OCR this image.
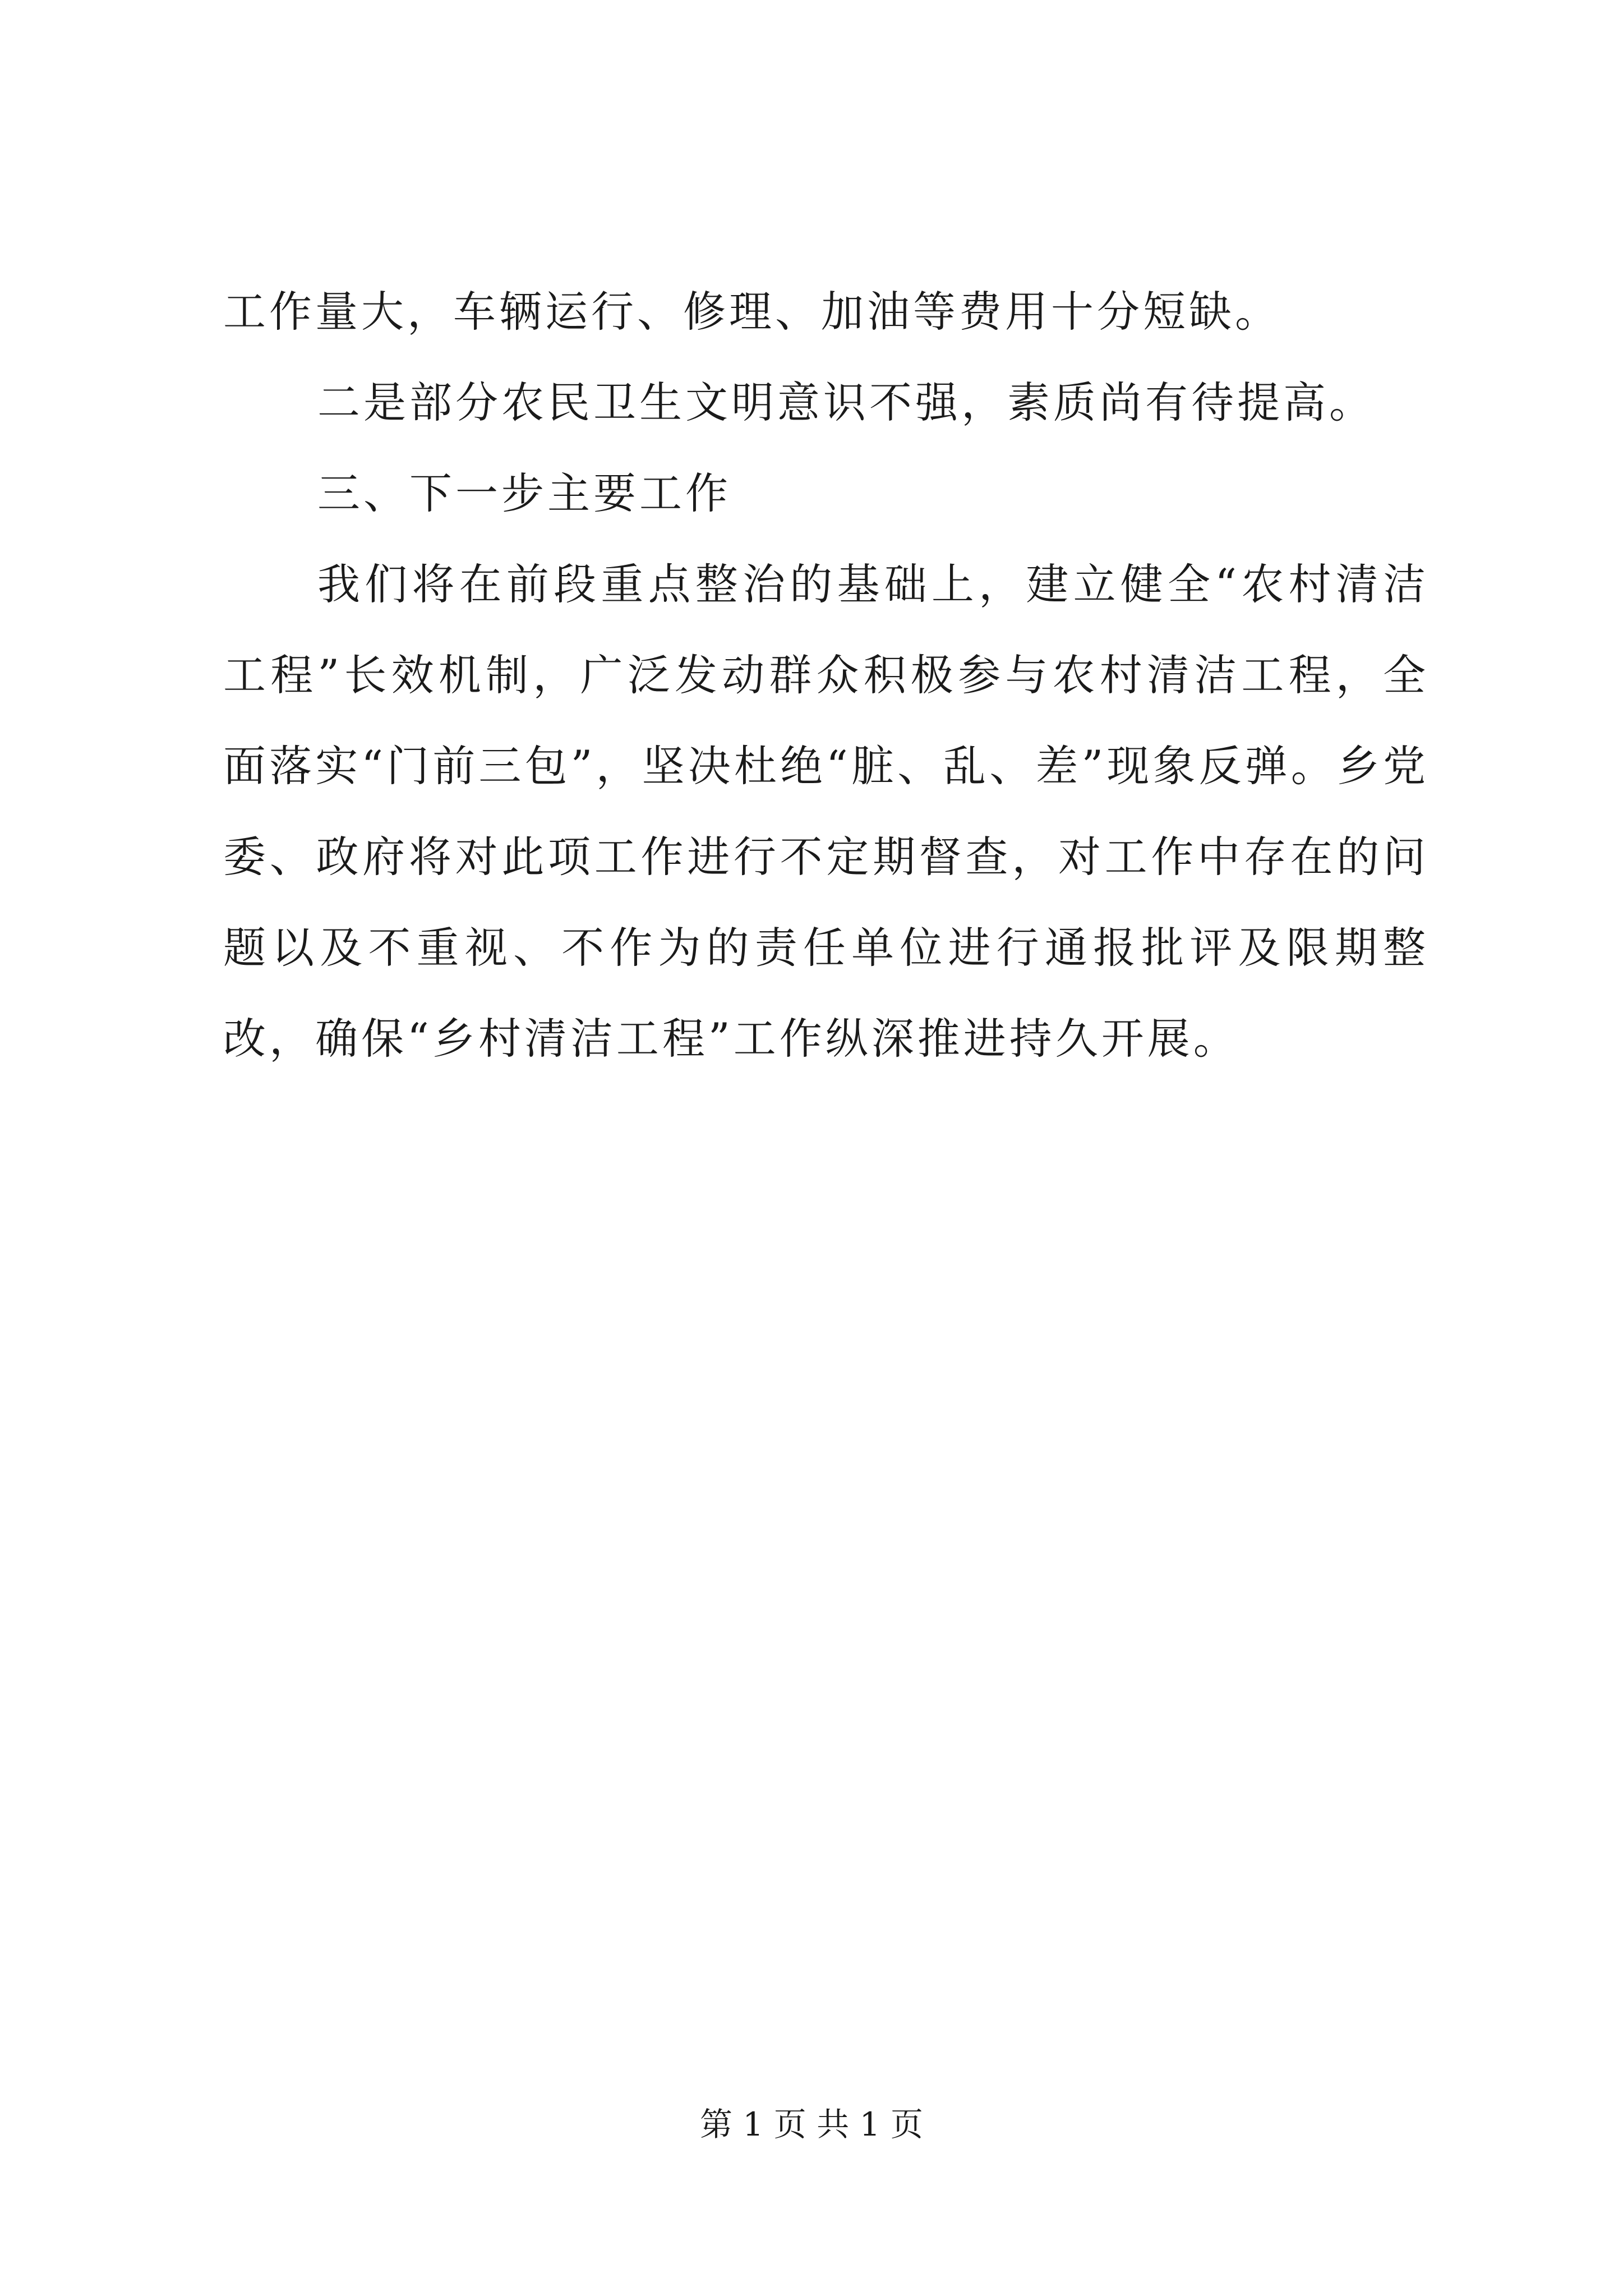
工作量大，车辆运行、修理、加油等费用十分短缺。

二是部分农民卫生文明意识不强，素质尚有待提高。

三、下一步主要工作

我们将在前段重点整治的基础上，建立健全“农村清洁工程”长效机制，广泛发动群众积极参与农村清洁工程，全面落实“门前三包”，坚决杜绝“脏、乱、差”现象反弹。乡党委、政府将对此项工作进行不定期督查，对工作中存在的问题以及不重视、不作为的责任单位进行通报批评及限期整改，确保“乡村清洁工程”工作纵深推进持久开展。

第 1 页 共 1 页
